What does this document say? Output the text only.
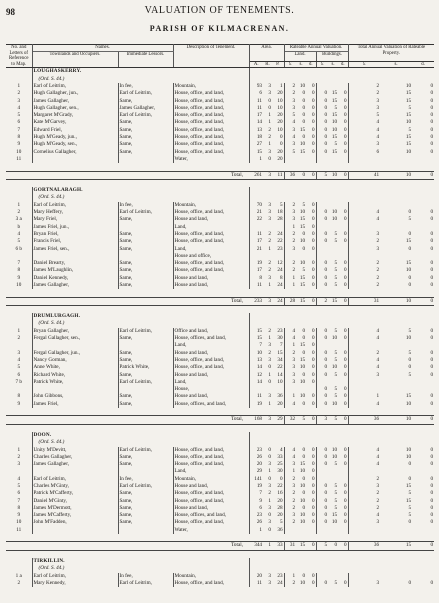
98	VALUATION OF TENEMENTS.
PARISH OF KILMACRENAN.
No. and Letters of Reference to Map.	Names.		Description of Tenement.	Area.			Rateable Annual Valuation.						Total Annual Valuation of Rateable Property.		
	Townlands and Occupiers.	Immediate Lessors.					Land.			Buildings.					
				A.	R.	P.	£	s.	d.	£	s.	d.	£	s.	d.
	LOUGHASKERRY.														
	(Ord. S. 44.)														
1	Earl of Leitrim,	In fee,	Mountain,	93	3	1	2	10	0				2	10	0
2	Hugh Gallagher, jun.,	Earl of Leitrim,	House, office, and land,	6	3	20	2	0	0	0	15	0	2	15	0
3	James Gallagher,	Same,	House, office, and land,	11	0	10	3	0	0	0	15	0	3	15	0
4	Hugh Gallagher, sen.,	James Gallagher,	House, office, and land,	11	0	10	3	0	0	0	5	0	3	5	0
5	Margaret M'Grady,	Earl of Leitrim,	House, office, and land,	17	1	20	5	0	0	0	15	0	5	15	0
6	Kate M'Garvey,	Same,	House, office, and land,	14	1	20	4	0	0	0	10	0	4	10	0
7	Edward Friel,	Same,	House, office, and land,	13	2	10	3	15	0	0	10	0	4	5	0
8	Hugh M'Geady, jun.,	Same,	House, office, and land,	18	2	0	4	0	0	0	15	0	4	15	0
9	Hugh M'Geady, sen.,	Same,	House, office, and land,	27	1	0	3	10	0	0	5	0	3	15	0
10	Cornelius Gallagher,	Same,	House, office, and land,	15	3	20	5	15	0	0	15	0	6	10	0
11			Water,	1	0	20									

Total,				261	3	11	36	0	0	5	10	0	41	10	0

	GORTNALARAGH.														
	(Ord. S. 44.)														
1	Earl of Leitrim,	In fee,	Mountain,	70	3	5	2	5	0						
2	Mary Heffery,	Earl of Leitrim,	House, office, and land,	21	3	18	3	10	0	0	10	0	4	0	0
3 a	Mary Friel,	Same,	House and land,	22	3	28	3	15	0	0	10	0	4	5	0
b	James Friel, jun.,		Land,				1	15	0						
4	Bryan Friel,	Same,	House, office, and land,	11	2	24	2	0	0	0	5	0	3	0	0
5	Francis Friel,	Same,	House, office, and land,	17	2	22	2	10	0	0	5	0	2	15	0
6 b	James Friel, sen.,	Same,	Land,	21	1	23	3	0	0				3	0	0
			House and office,												
7	Daniel Brearty,	Same,	House, office, and land,	19	2	12	2	10	0	0	5	0	2	15	0
8	James M'Laughlin,	Same,	House, office, and land,	17	2	24	2	5	0	0	5	0	2	10	0
9	Daniel Kennedy,	Same,	House and land,	8	3	8	1	15	0	0	5	0	2	0	0
10	James Gallagher,	Same,	House and land,	11	1	24	1	15	0	0	5	0	2	0	0

Total,				233	3	24	28	15	0	2	15	0	31	10	0

	DRUMLURGAGH.														
	(Ord. S. 44.)														
1	Bryan Gallagher,	Earl of Leitrim,	Office and land,	15	2	23	4	0	0	0	5	0	4	5	0
2	Fergal Gallagher, sen.,	Same,	House, offices, and land,	15	1	30	4	0	0	0	10	0	4	10	0
			Land,	7	3	7	1	15	0						
3	Fergal Gallagher, jun.,	Same,	House and land,	10	2	15	2	0	0	0	5	0	2	5	0
4	Nancy Gorman,	Same,	House, office, and land,	13	3	34	3	15	0	0	5	0	4	0	0
5	Anne White,	Patrick White,	House, office, and land,	14	0	22	3	10	0	0	10	0	4	0	0
6	Richard White,	Same,	House and land,	12	1	14	3	0	0	0	5	0	3	5	0
7 b	Patrick White,	Earl of Leitrim,	Land,	14	0	10	3	10	0						
			House,							0	5	0			
8	John Gibbons,	Same,	House and land,	11	3	36	1	10	0	0	5	0	1	15	0
9	James Friel,	Same,	House, offices, and land,	19	1	20	4	0	0	0	10	0	4	10	0

Total,				168	3	29	32	5	0	3	5	0	36	10	0

	DOON.														
	(Ord. S. 44.)														
1	Unity M'Devitt,	Earl of Leitrim,	House, office, and land,	23	0	4	4	0	0	0	10	0	4	10	0
2	Charles Gallagher,	Same,	House, office, and land,	26	0	33	4	0	0	0	10	0	4	10	0
3	James Gallagher,	Same,	House, office, and land,	20	3	25	3	15	0	0	5	0	4	0	0
			Land,	29	1	30	1	10	0						
4	Earl of Leitrim,	In fee,	Mountain,	141	0	0	2	0	0				2	0	0
5	Charles M'Ginty,	Earl of Leitrim,	House and land,	19	3	22	3	10	0	0	5	0	3	15	0
6	Patrick M'Cafferty,	Same,	House, office, and land,	7	2	16	2	0	0	0	5	0	2	5	0
7	Daniel M'Ginty,	Same,	House, office, and land,	9	1	20	2	10	0	0	5	0	2	15	0
8	James M'Dermott,	Same,	House and land,	6	3	28	2	0	0	0	5	0	2	5	0
9	James M'Cafferty,	Same,	House, offices, and land,	23	0	20	3	10	0	0	15	0	4	5	0
10	John M'Fadden,	Same,	House, office, and land,	26	3	5	2	10	0	0	10	0	3	0	0
11			Water,	1	0	36									

Total,				344	1	33	31	15	0	5	0	0	36	15	0

	TIRKILLIN.														
	(Ord. S. 44.)														
1 a	Earl of Leitrim,	In fee,	Mountain,	20	3	23	1	0	0						
2	Mary Kennedy,	Earl of Leitrim,	House, office, and land,	11	3	24	2	10	0	0	5	0	3	0	0
